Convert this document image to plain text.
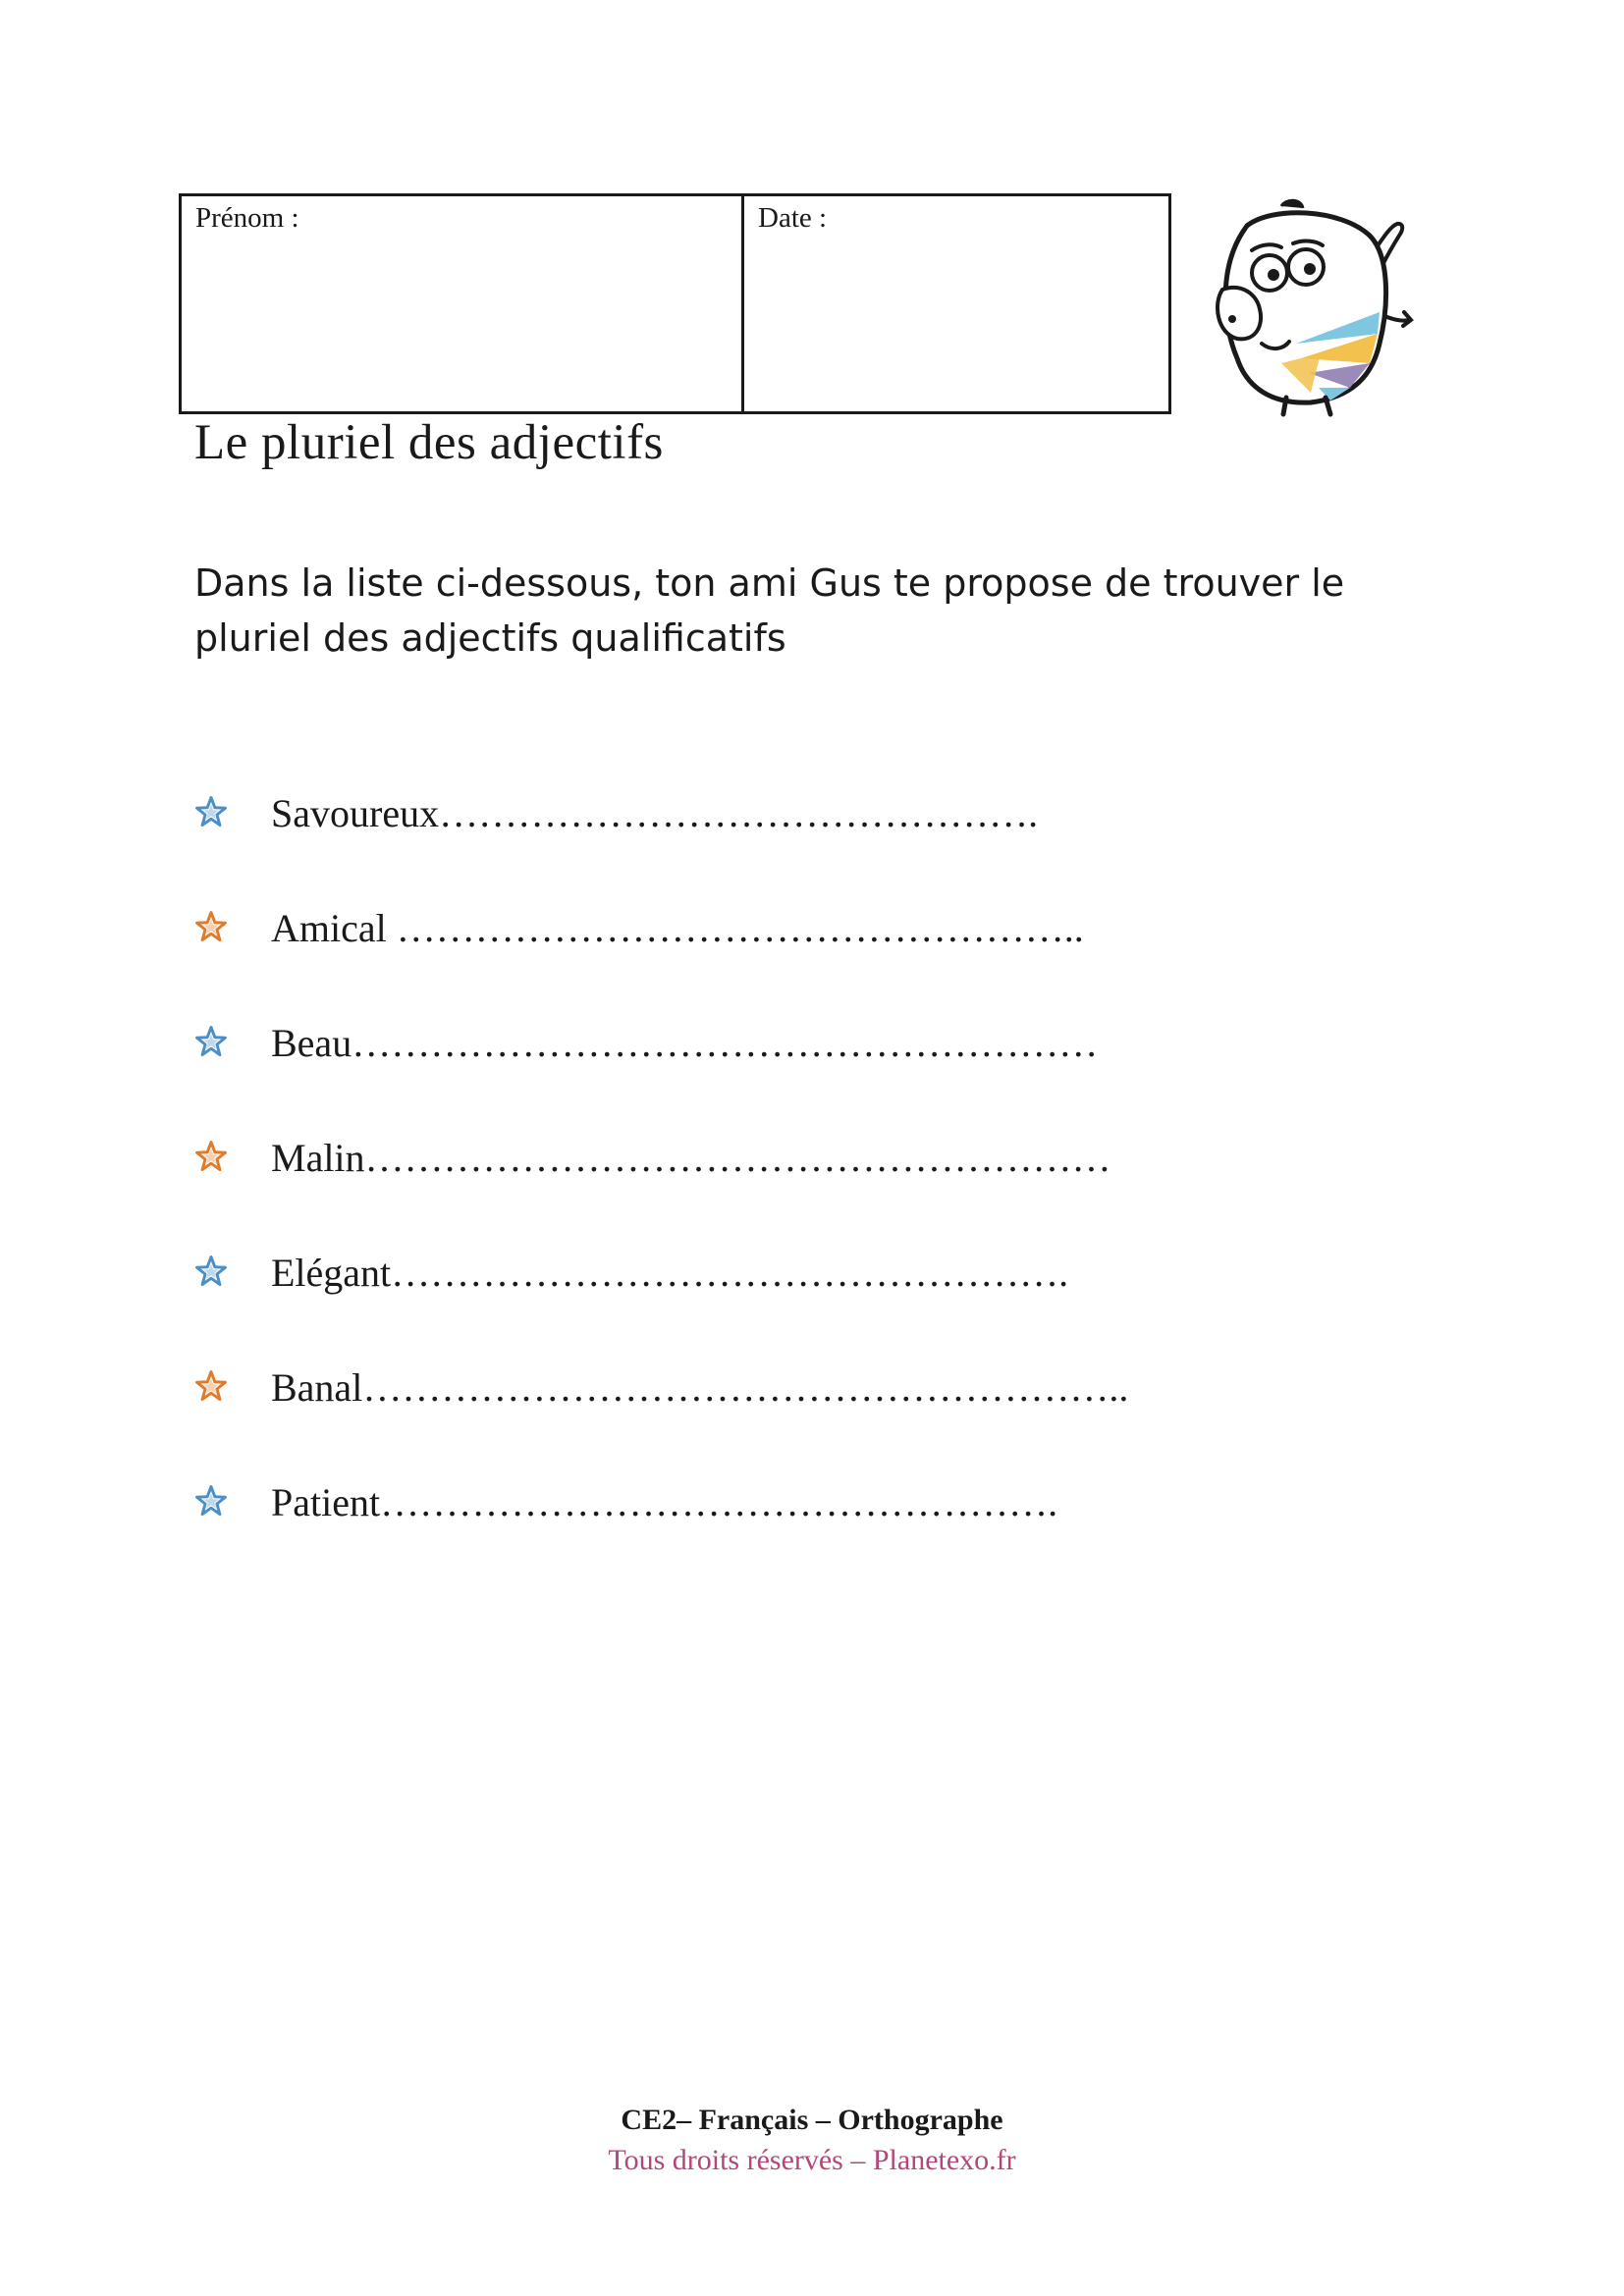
Prénom :	Date :
Le pluriel des adjectifs

Dans la liste ci-dessous, ton ami Gus te propose de trouver le pluriel des adjectifs qualificatifs

Savoureux ……………………………………….
Amical ……………………………………………..
Beau …………………………………………………
Malin …………………………………………………
Elégant …………………………………………….
Banal …………………………………………………..
Patient …………………………………………….
CE2– Français – Orthographe
Tous droits réservés – Planetexo.fr
